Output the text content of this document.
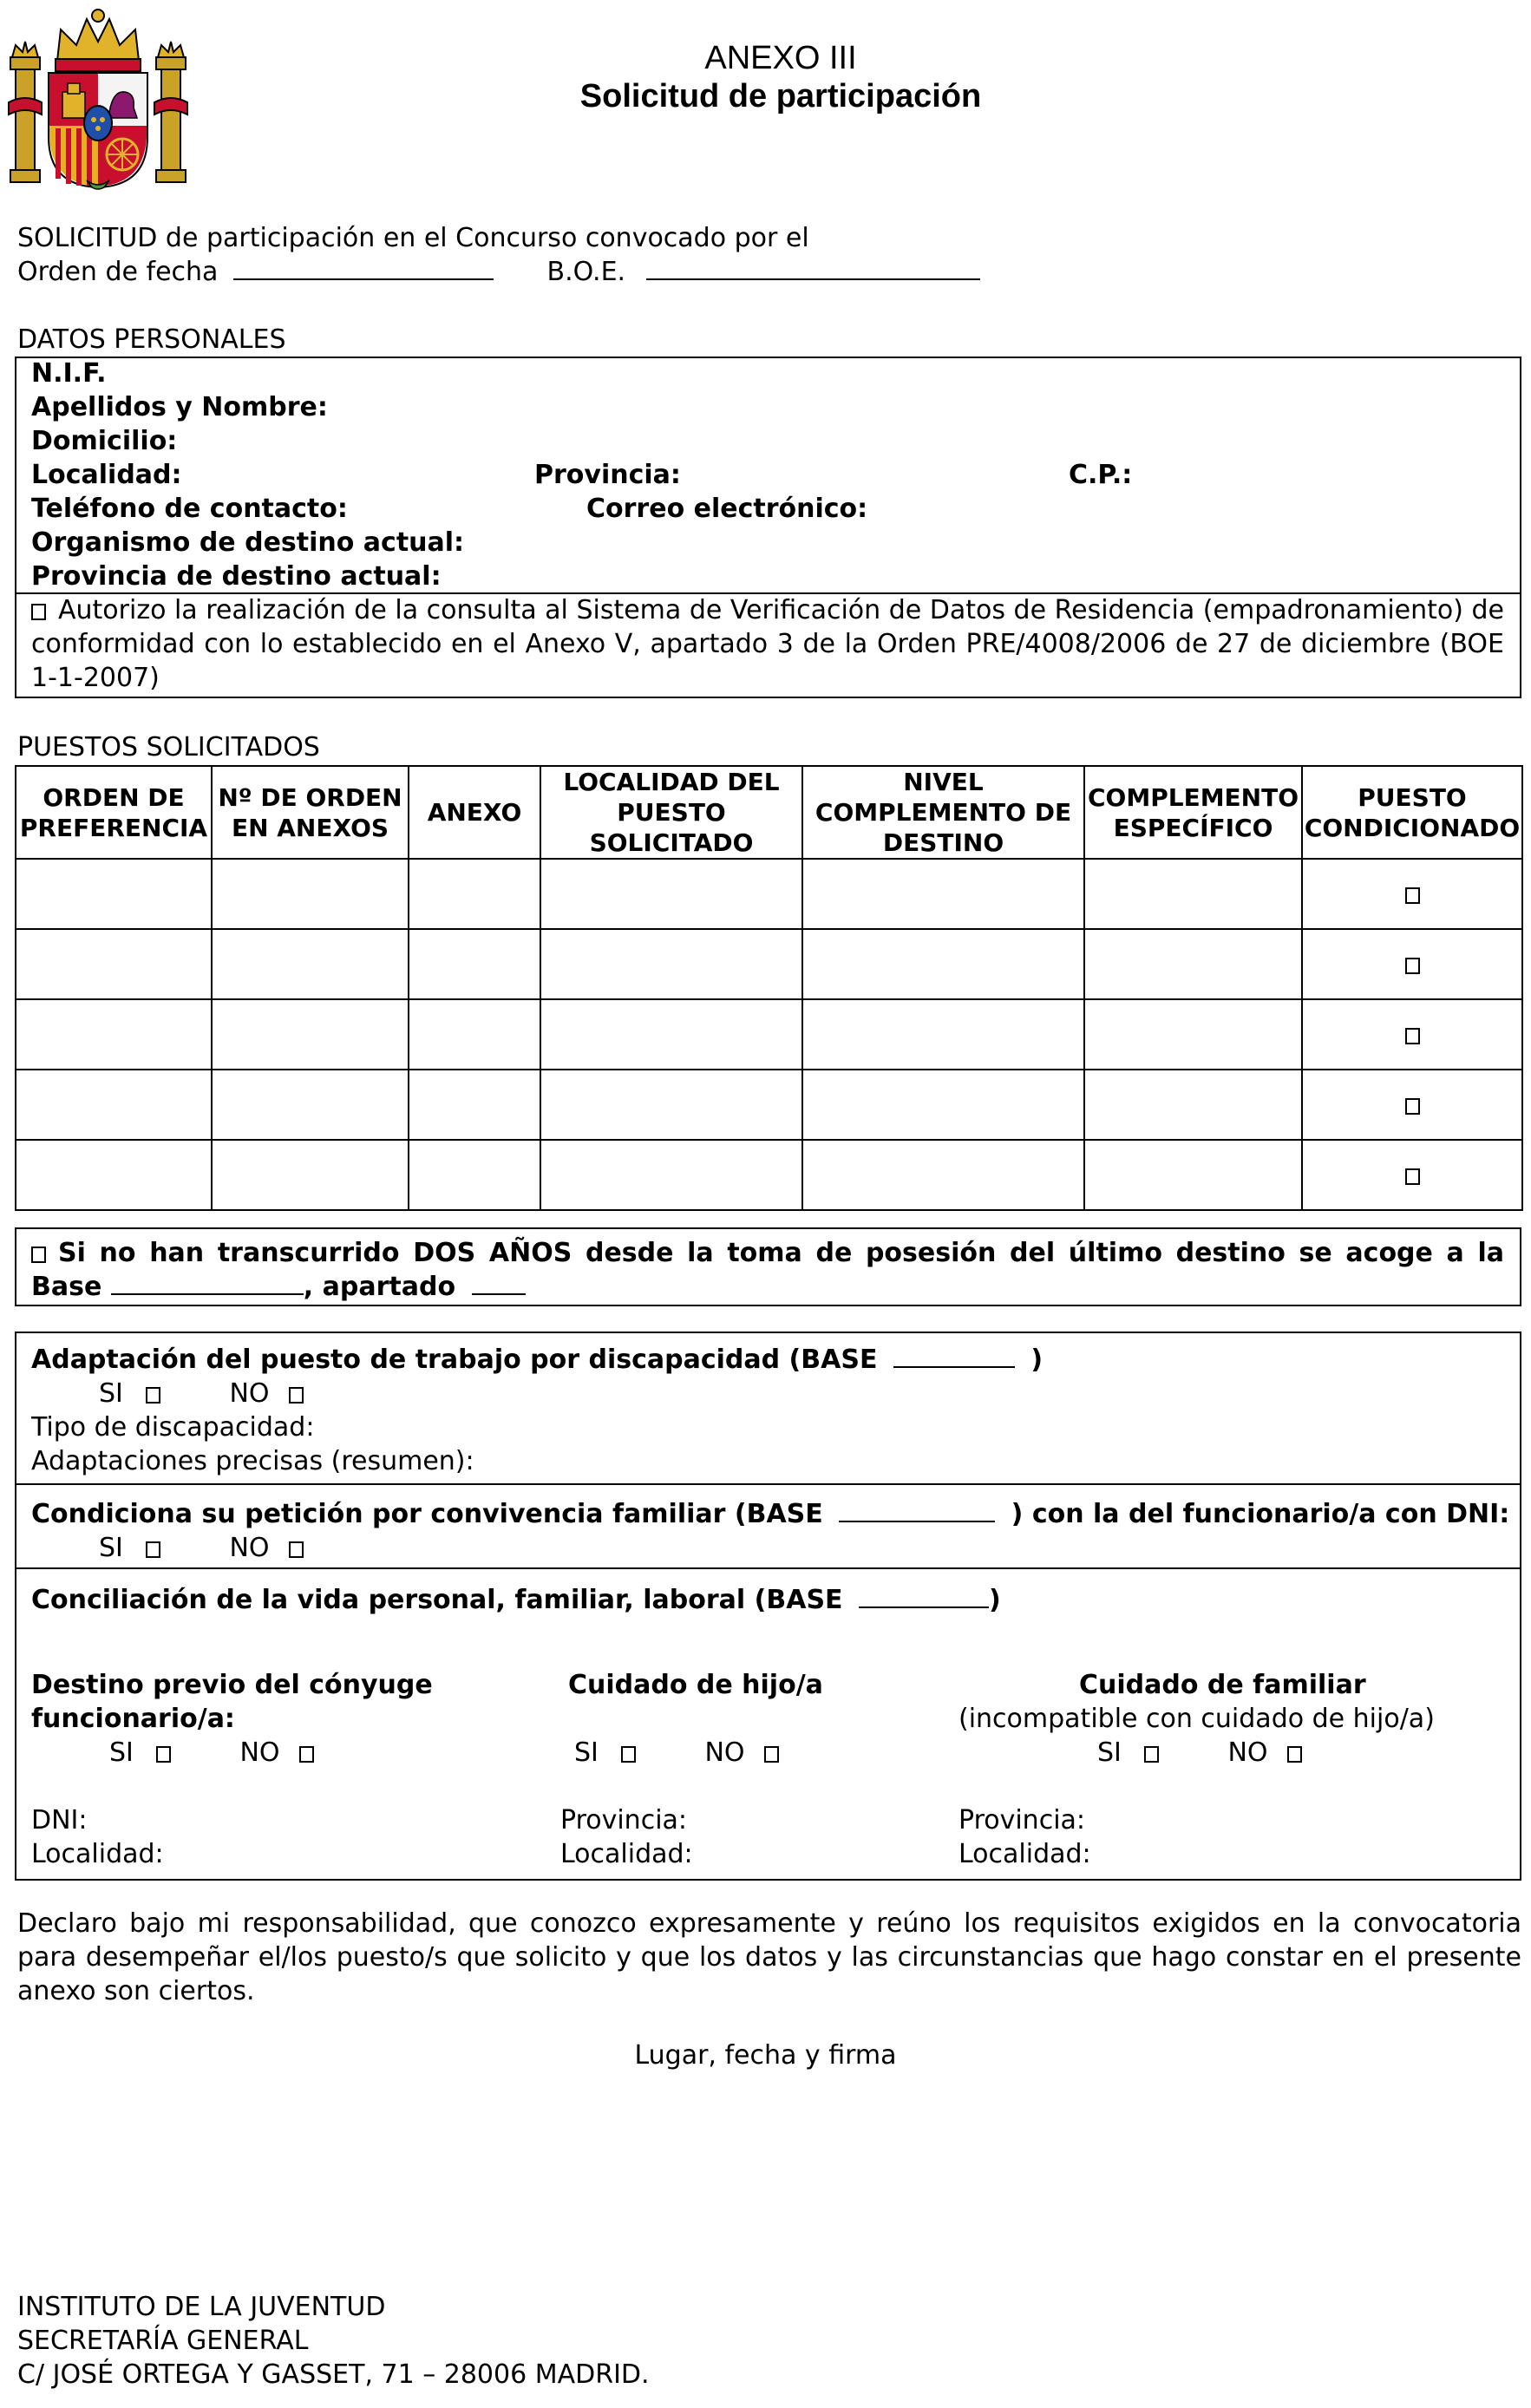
ANEXO III
Solicitud de participación
SOLICITUD de participación en el Concurso convocado por el
Orden de fecha	B.O.E.
DATOS PERSONALES
N.I.F.
Apellidos y Nombre:
Domicilio:
Localidad:	Provincia:	C.P.:
Teléfono de contacto:	Correo electrónico:
Organismo de destino actual:
Provincia de destino actual:
Autorizo la realización de la consulta al Sistema de Verificación de Datos de Residencia (empadronamiento) de conformidad con lo establecido en el Anexo V, apartado 3 de la Orden PRE/4008/2006 de 27 de diciembre (BOE 1-1-2007)
PUESTOS SOLICITADOS
ORDEN DE PREFERENCIA	Nº DE ORDEN EN ANEXOS	ANEXO	LOCALIDAD DEL PUESTO SOLICITADO	NIVEL COMPLEMENTO DE DESTINO	COMPLEMENTO ESPECÍFICO	PUESTO CONDICIONADO

Si no han transcurrido DOS AÑOS desde la toma de posesión del último destino se acoge a la Base	, apartado
Adaptación del puesto de trabajo por discapacidad (BASE	)
SI	NO
Tipo de discapacidad:
Adaptaciones precisas (resumen):
Condiciona su petición por convivencia familiar (BASE	) con la del funcionario/a con DNI:
SI	NO
Conciliación de la vida personal, familiar, laboral (BASE	)
Destino previo del cónyuge funcionario/a:
Cuidado de hijo/a	Cuidado de familiar
(incompatible con cuidado de hijo/a)
SI	NO	SI	NO	SI	NO
DNI:
Localidad:
Provincia:
Localidad:
Provincia:
Localidad:
Declaro bajo mi responsabilidad, que conozco expresamente y reúno los requisitos exigidos en la convocatoria para desempeñar el/los puesto/s que solicito y que los datos y las circunstancias que hago constar en el presente anexo son ciertos.
Lugar, fecha y firma
INSTITUTO DE LA JUVENTUD
SECRETARÍA GENERAL
C/ JOSÉ ORTEGA Y GASSET, 71 – 28006 MADRID.
